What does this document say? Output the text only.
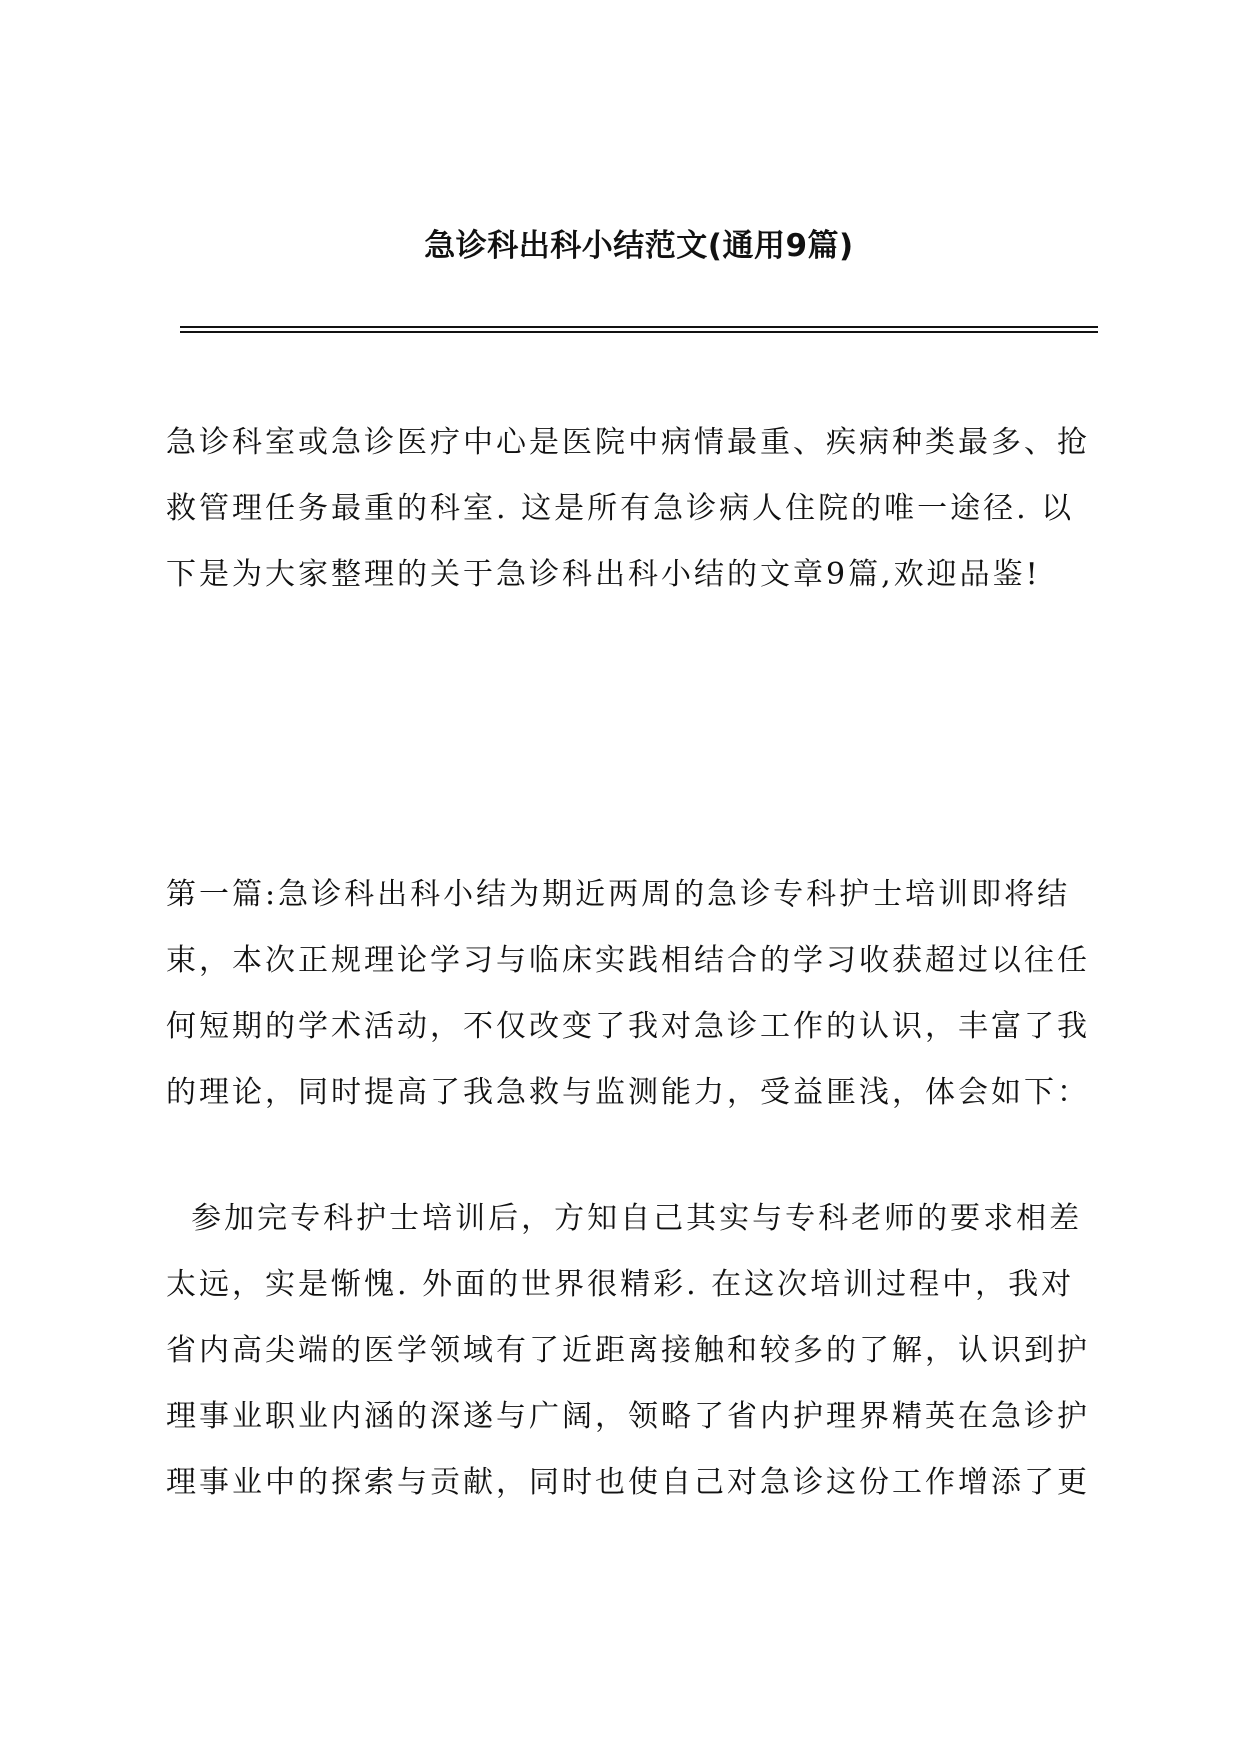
急诊科出科小结范文(通用9篇)

急诊科室或急诊医疗中心是医院中病情最重、疾病种类最多、抢
救管理任务最重的科室. 这是所有急诊病人住院的唯一途径. 以
下是为大家整理的关于急诊科出科小结的文章9篇,欢迎品鉴!

第一篇:急诊科出科小结为期近两周的急诊专科护士培训即将结
束，本次正规理论学习与临床实践相结合的学习收获超过以往任
何短期的学术活动，不仅改变了我对急诊工作的认识，丰富了我
的理论，同时提高了我急救与监测能力，受益匪浅，体会如下：

参加完专科护士培训后，方知自己其实与专科老师的要求相差
太远，实是惭愧. 外面的世界很精彩. 在这次培训过程中，我对
省内高尖端的医学领域有了近距离接触和较多的了解，认识到护
理事业职业内涵的深遂与广阔，领略了省内护理界精英在急诊护
理事业中的探索与贡献，同时也使自己对急诊这份工作增添了更
